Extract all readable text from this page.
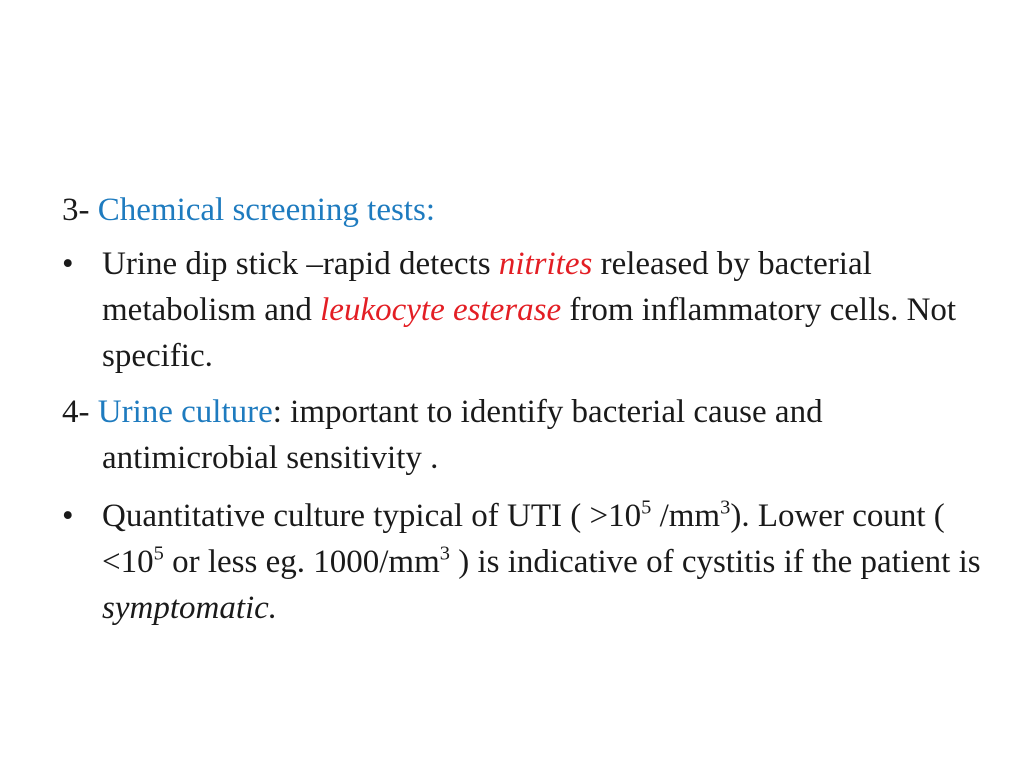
3- Chemical screening tests:

• Urine dip stick –rapid detects nitrites released by bacterial metabolism and leukocyte esterase from inflammatory cells. Not specific.

4- Urine culture: important to identify bacterial cause and antimicrobial sensitivity .

• Quantitative culture typical of UTI ( $>10^5$ $/mm^3$). Lower count ( $<10^5$ or less eg. $1000/mm^3$ ) is indicative of cystitis if the patient is symptomatic.
